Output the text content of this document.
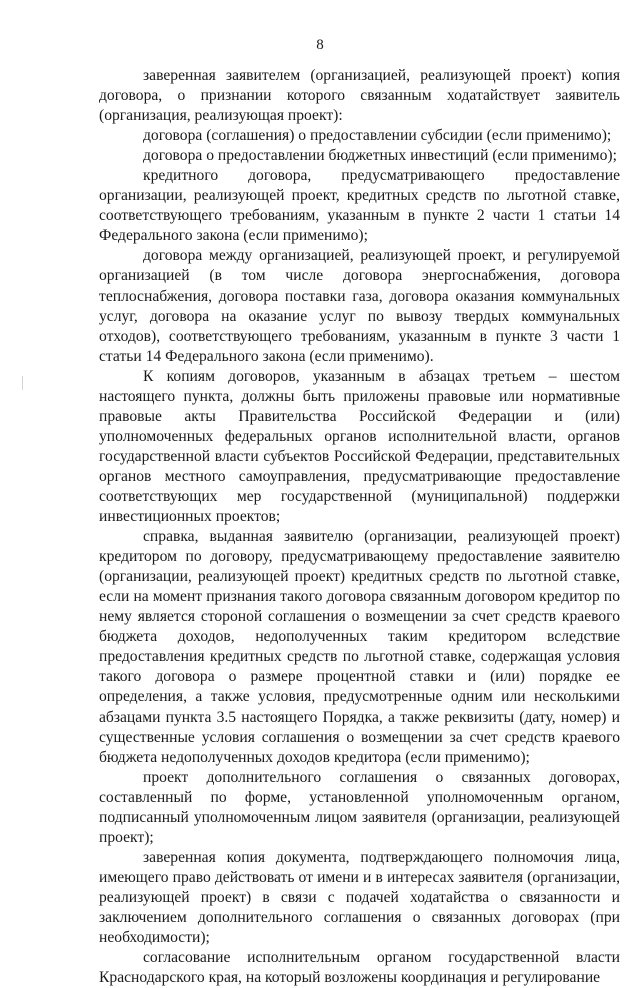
8

заверенная заявителем (организацией, реализующей проект) копия договора, о признании которого связанным ходатайствует заявитель (организация, реализующая проект):

договора (соглашения) о предоставлении субсидии (если применимо);

договора о предоставлении бюджетных инвестиций (если применимо);

кредитного договора, предусматривающего предоставление организации, реализующей проект, кредитных средств по льготной ставке, соответствующего требованиям, указанным в пункте 2 части 1 статьи 14 Федерального закона (если применимо);

договора между организацией, реализующей проект, и регулируемой организацией (в том числе договора энергоснабжения, договора теплоснабжения, договора поставки газа, договора оказания коммунальных услуг, договора на оказание услуг по вывозу твердых коммунальных отходов), соответствующего требованиям, указанным в пункте 3 части 1 статьи 14 Федерального закона (если применимо).

К копиям договоров, указанным в абзацах третьем – шестом настоящего пункта, должны быть приложены правовые или нормативные правовые акты Правительства Российской Федерации и (или) уполномоченных федеральных органов исполнительной власти, органов государственной власти субъектов Российской Федерации, представительных органов местного самоуправления, предусматривающие предоставление соответствующих мер государственной (муниципальной) поддержки инвестиционных проектов;

справка, выданная заявителю (организации, реализующей проект) кредитором по договору, предусматривающему предоставление заявителю (организации, реализующей проект) кредитных средств по льготной ставке, если на момент признания такого договора связанным договором кредитор по нему является стороной соглашения о возмещении за счет средств краевого бюджета доходов, недополученных таким кредитором вследствие предоставления кредитных средств по льготной ставке, содержащая условия такого договора о размере процентной ставки и (или) порядке ее определения, а также условия, предусмотренные одним или несколькими абзацами пункта 3.5 настоящего Порядка, а также реквизиты (дату, номер) и существенные условия соглашения о возмещении за счет средств краевого бюджета недополученных доходов кредитора (если применимо);

проект дополнительного соглашения о связанных договорах, составленный по форме, установленной уполномоченным органом, подписанный уполномоченным лицом заявителя (организации, реализующей проект);

заверенная копия документа, подтверждающего полномочия лица, имеющего право действовать от имени и в интересах заявителя (организации, реализующей проект) в связи с подачей ходатайства о связанности и заключением дополнительного соглашения о связанных договорах (при необходимости);

согласование исполнительным органом государственной власти Краснодарского края, на который возложены координация и регулирование
